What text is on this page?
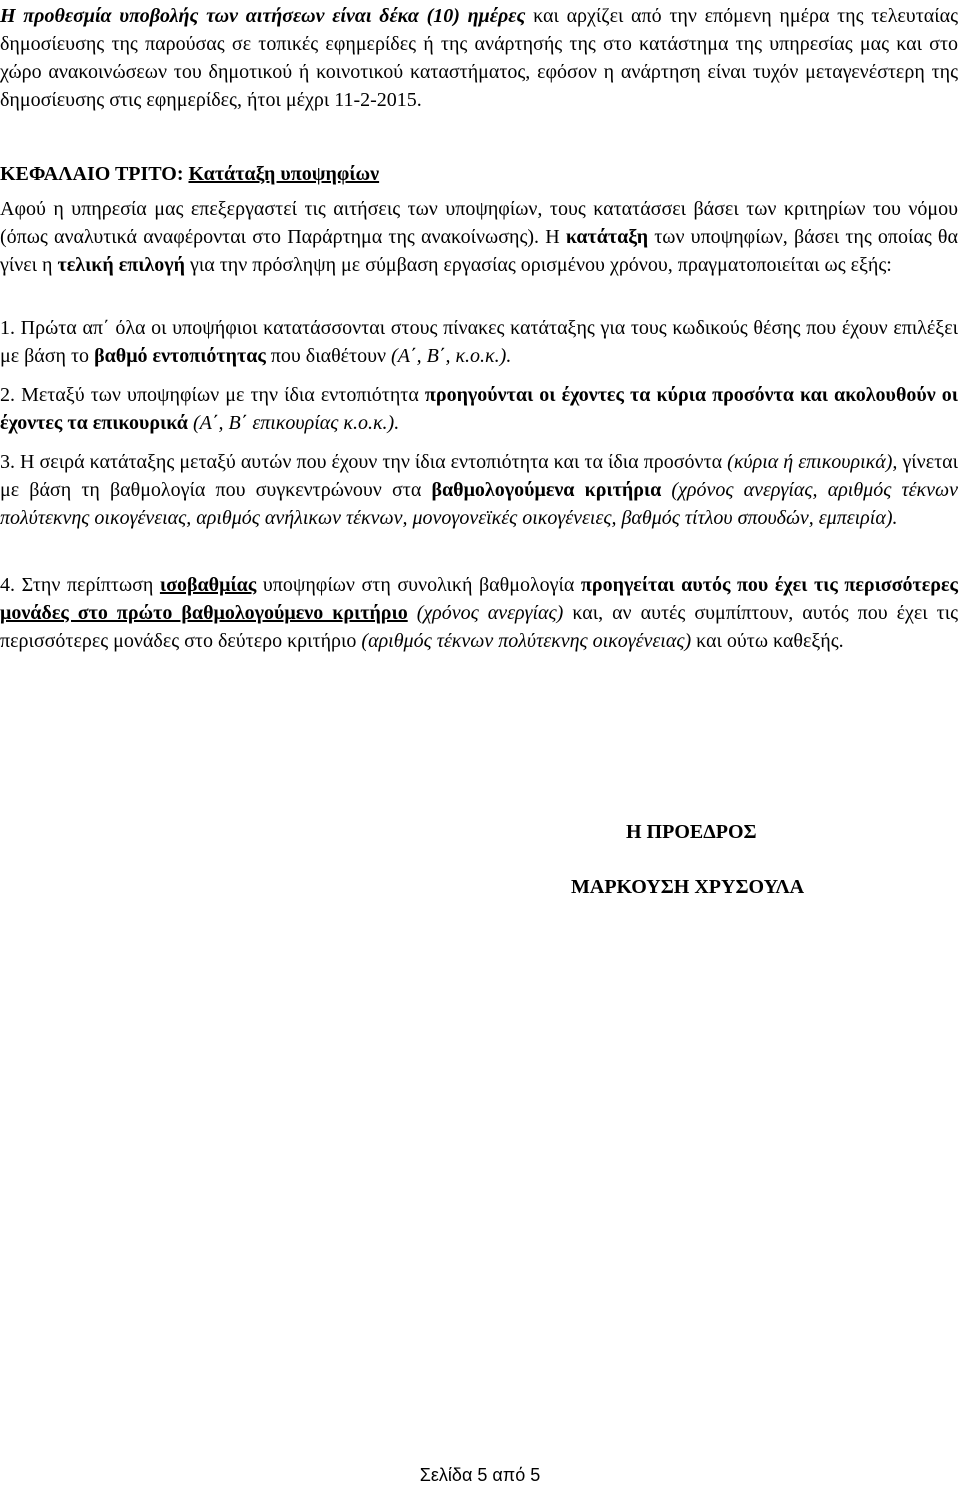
Η προθεσμία υποβολής των αιτήσεων είναι δέκα (10) ημέρες και αρχίζει από την επόμενη ημέρα της τελευταίας δημοσίευσης της παρούσας σε τοπικές εφημερίδες ή της ανάρτησής της στο κατάστημα της υπηρεσίας μας και στο χώρο ανακοινώσεων του δημοτικού ή κοινοτικού καταστήματος, εφόσον η ανάρτηση είναι τυχόν μεταγενέστερη της δημοσίευσης στις εφημερίδες, ήτοι μέχρι 11-2-2015.
ΚΕΦΑΛΑΙΟ ΤΡΙΤΟ: Κατάταξη υποψηφίων
Αφού η υπηρεσία μας επεξεργαστεί τις αιτήσεις των υποψηφίων, τους κατατάσσει βάσει των κριτηρίων του νόμου (όπως αναλυτικά αναφέρονται στο Παράρτημα της ανακοίνωσης). Η κατάταξη των υποψηφίων, βάσει της οποίας θα γίνει η τελική επιλογή για την πρόσληψη με σύμβαση εργασίας ορισμένου χρόνου, πραγματοποιείται ως εξής:
1. Πρώτα απ΄ όλα οι υποψήφιοι κατατάσσονται στους πίνακες κατάταξης για τους κωδικούς θέσης που έχουν επιλέξει με βάση το βαθμό εντοπιότητας που διαθέτουν (Α΄, Β΄, κ.ο.κ.).
2. Μεταξύ των υποψηφίων με την ίδια εντοπιότητα προηγούνται οι έχοντες τα κύρια προσόντα και ακολουθούν οι έχοντες τα επικουρικά (Α΄, Β΄ επικουρίας κ.ο.κ.).
3. Η σειρά κατάταξης μεταξύ αυτών που έχουν την ίδια εντοπιότητα και τα ίδια προσόντα (κύρια ή επικουρικά), γίνεται με βάση τη βαθμολογία που συγκεντρώνουν στα βαθμολογούμενα κριτήρια (χρόνος ανεργίας, αριθμός τέκνων πολύτεκνης οικογένειας, αριθμός ανήλικων τέκνων, μονογονεϊκές οικογένειες, βαθμός τίτλου σπουδών, εμπειρία).
4. Στην περίπτωση ισοβαθμίας υποψηφίων στη συνολική βαθμολογία προηγείται αυτός που έχει τις περισσότερες μονάδες στο πρώτο βαθμολογούμενο κριτήριο (χρόνος ανεργίας) και, αν αυτές συμπίπτουν, αυτός που έχει τις περισσότερες μονάδες στο δεύτερο κριτήριο (αριθμός τέκνων πολύτεκνης οικογένειας) και ούτω καθεξής.
Η ΠΡΟΕΔΡΟΣ
ΜΑΡΚΟΥΣΗ ΧΡΥΣΟΥΛΑ
Σελίδα 5 από 5
